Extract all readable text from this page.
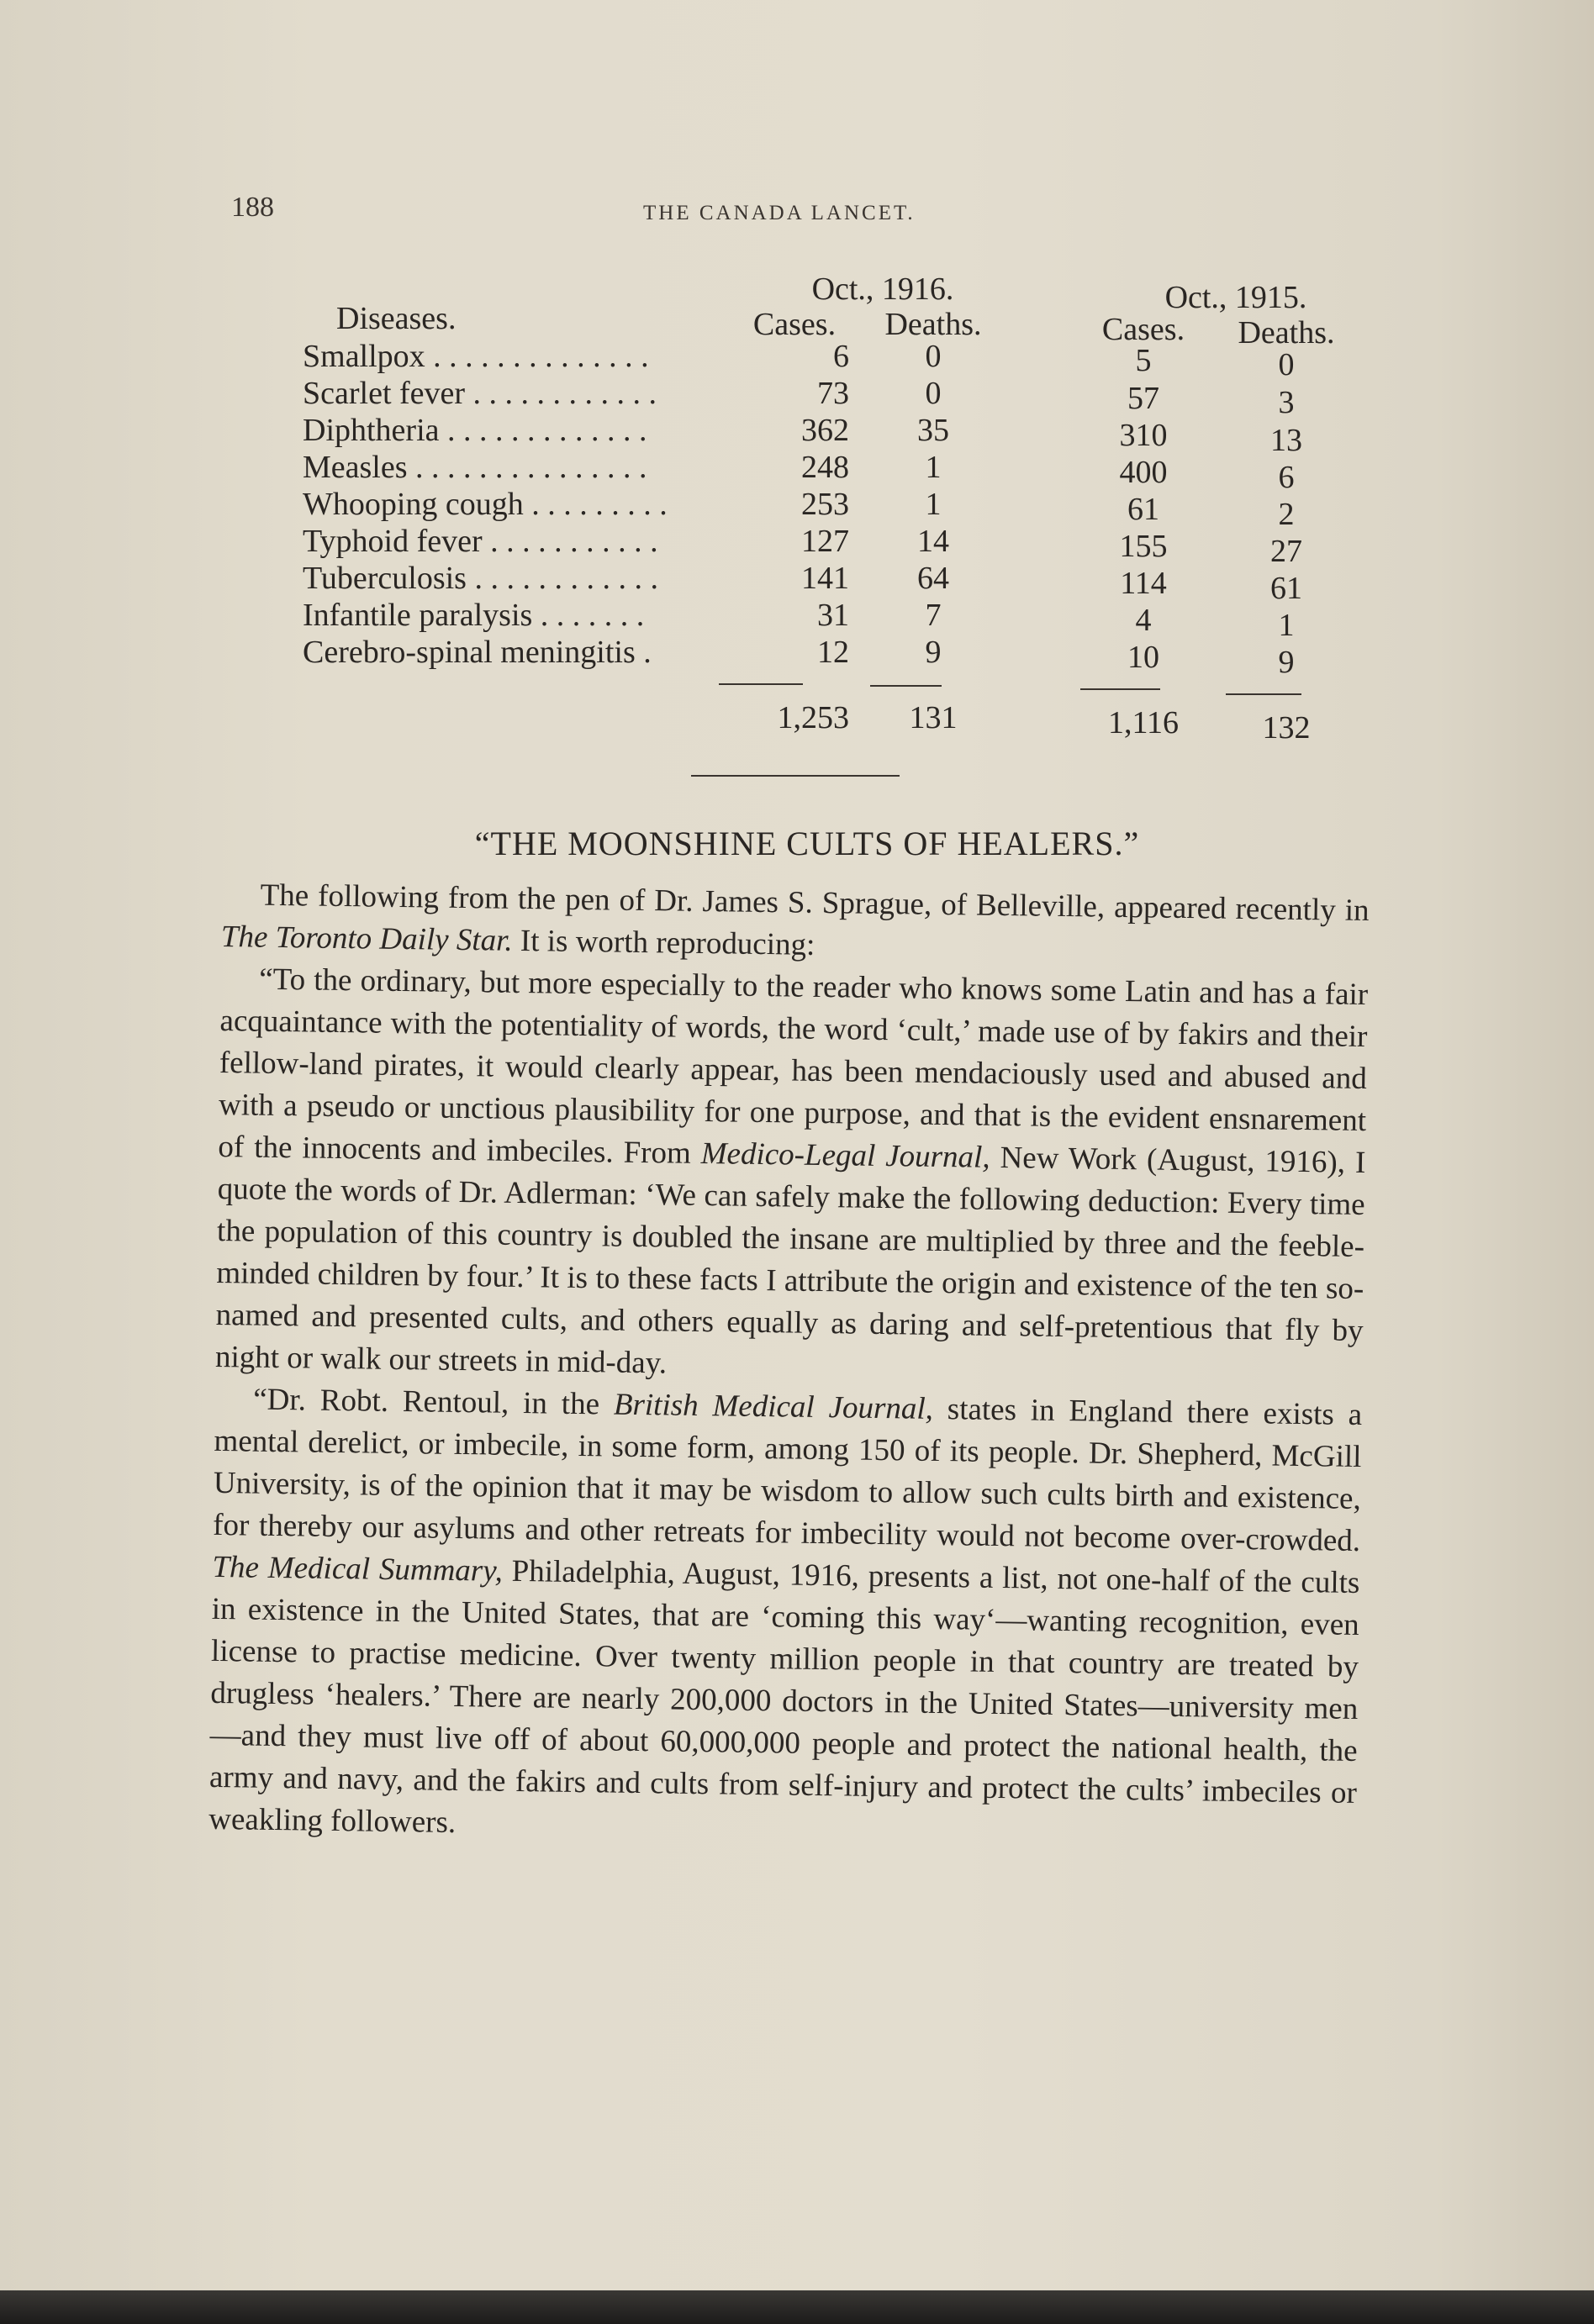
188	THE CANADA LANCET.
Oct., 1916.	Oct., 1915.
Diseases.	Cases.	Deaths.	Cases.	Deaths.
Smallpox . . . . . . . . . . . . . .	6	0	5	0
Scarlet fever . . . . . . . . . . . .	73	0	57	3
Diphtheria . . . . . . . . . . . . .	362	35	310	13
Measles . . . . . . . . . . . . . . .	248	1	400	6
Whooping cough . . . . . . . . .	253	1	61	2
Typhoid fever . . . . . . . . . . .	127	14	155	27
Tuberculosis . . . . . . . . . . . .	141	64	114	61
Infantile paralysis . . . . . . .	31	7	4	1
Cerebro-spinal meningitis .	12	9	10	9
1,253	131	1,116	132
“THE MOONSHINE CULTS OF HEALERS.”

The following from the pen of Dr. James S. Sprague, of Belleville, appeared recently in The Toronto Daily Star. It is worth reproducing:

“To the ordinary, but more especially to the reader who knows some Latin and has a fair acquaintance with the potentiality of words, the word ‘cult,’ made use of by fakirs and their fellow-land pirates, it would clearly appear, has been mendaciously used and abused and with a pseudo or unctious plausibility for one purpose, and that is the evident ensnarement of the innocents and imbeciles. From Medico-Legal Journal, New Work (August, 1916), I quote the words of Dr. Adlerman: ‘We can safely make the following deduction: Every time the population of this country is doubled the insane are multiplied by three and the feeble-minded children by four.’ It is to these facts I attribute the origin and existence of the ten so-named and presented cults, and others equally as daring and self-pretentious that fly by night or walk our streets in mid-day.

“Dr. Robt. Rentoul, in the British Medical Journal, states in England there exists a mental derelict, or imbecile, in some form, among 150 of its people. Dr. Shepherd, McGill University, is of the opinion that it may be wisdom to allow such cults birth and existence, for thereby our asylums and other retreats for imbecility would not become over-crowded. The Medical Summary, Philadelphia, August, 1916, presents a list, not one-half of the cults in existence in the United States, that are ‘coming this way‘—wanting recognition, even license to practise medicine. Over twenty million people in that country are treated by drugless ‘healers.’ There are nearly 200,000 doctors in the United States—university men —and they must live off of about 60,000,000 people and protect the national health, the army and navy, and the fakirs and cults from self-injury and protect the cults’ imbeciles or weakling followers.
